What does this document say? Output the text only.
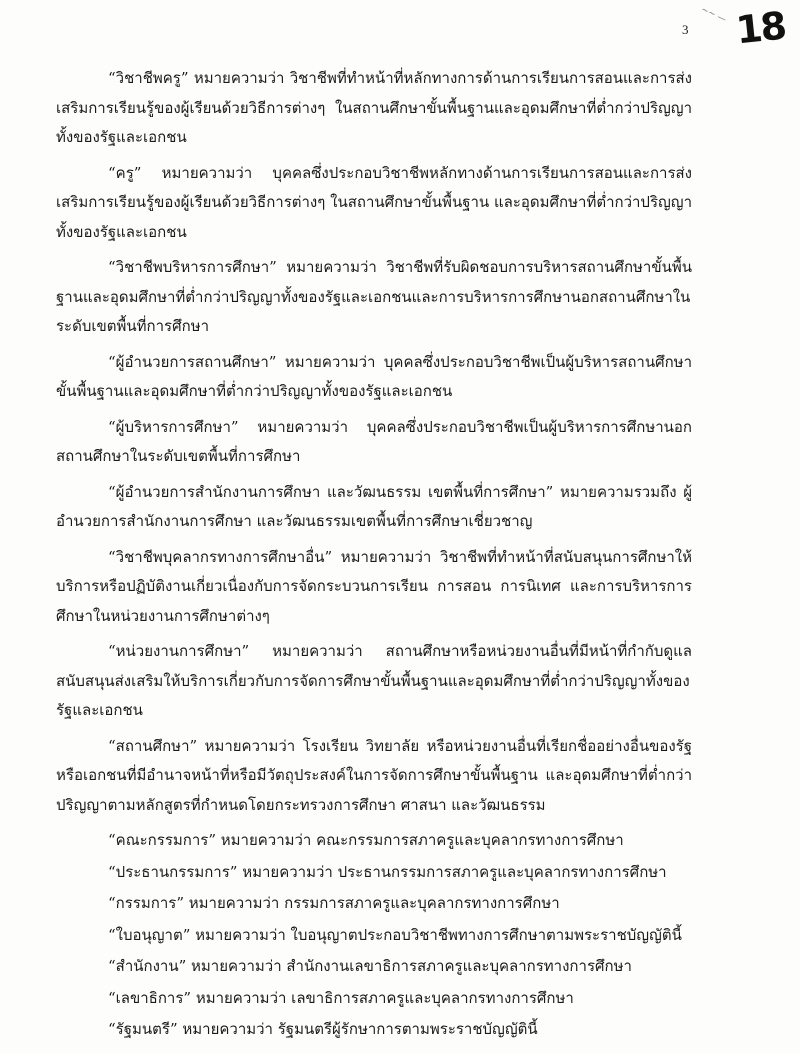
3
~~ — 18

“วิชาชีพครู” หมายความว่า วิชาชีพที่ทำหน้าที่หลักทางการด้านการเรียนการสอนและการส่งเสริมการเรียนรู้ของผู้เรียนด้วยวิธีการต่างๆ ในสถานศึกษาขั้นพื้นฐานและอุดมศึกษาที่ต่ำกว่าปริญญาทั้งของรัฐและเอกชน

“ครู” หมายความว่า บุคคลซึ่งประกอบวิชาชีพหลักทางด้านการเรียนการสอนและการส่งเสริมการเรียนรู้ของผู้เรียนด้วยวิธีการต่างๆ ในสถานศึกษาขั้นพื้นฐาน และอุดมศึกษาที่ต่ำกว่าปริญญาทั้งของรัฐและเอกชน

“วิชาชีพบริหารการศึกษา” หมายความว่า วิชาชีพที่รับผิดชอบการบริหารสถานศึกษาขั้นพื้นฐานและอุดมศึกษาที่ต่ำกว่าปริญญาทั้งของรัฐและเอกชนและการบริหารการศึกษานอกสถานศึกษาในระดับเขตพื้นที่การศึกษา

“ผู้อำนวยการสถานศึกษา” หมายความว่า บุคคลซึ่งประกอบวิชาชีพเป็นผู้บริหารสถานศึกษาขั้นพื้นฐานและอุดมศึกษาที่ต่ำกว่าปริญญาทั้งของรัฐและเอกชน

“ผู้บริหารการศึกษา” หมายความว่า บุคคลซึ่งประกอบวิชาชีพเป็นผู้บริหารการศึกษานอกสถานศึกษาในระดับเขตพื้นที่การศึกษา

“ผู้อำนวยการสำนักงานการศึกษา และวัฒนธรรม เขตพื้นที่การศึกษา” หมายความรวมถึง ผู้อำนวยการสำนักงานการศึกษา และวัฒนธรรมเขตพื้นที่การศึกษาเชี่ยวชาญ

“วิชาชีพบุคลากรทางการศึกษาอื่น” หมายความว่า วิชาชีพที่ทำหน้าที่สนับสนุนการศึกษาให้บริการหรือปฏิบัติงานเกี่ยวเนื่องกับการจัดกระบวนการเรียน การสอน การนิเทศ และการบริหารการศึกษาในหน่วยงานการศึกษาต่างๆ

“หน่วยงานการศึกษา” หมายความว่า สถานศึกษาหรือหน่วยงานอื่นที่มีหน้าที่กำกับดูแล สนับสนุนส่งเสริมให้บริการเกี่ยวกับการจัดการศึกษาขั้นพื้นฐานและอุดมศึกษาที่ต่ำกว่าปริญญาทั้งของรัฐและเอกชน

“สถานศึกษา” หมายความว่า โรงเรียน วิทยาลัย หรือหน่วยงานอื่นที่เรียกชื่ออย่างอื่นของรัฐหรือเอกชนที่มีอำนาจหน้าที่หรือมีวัตถุประสงค์ในการจัดการศึกษาขั้นพื้นฐาน และอุดมศึกษาที่ต่ำกว่าปริญญาตามหลักสูตรที่กำหนดโดยกระทรวงการศึกษา ศาสนา และวัฒนธรรม

“คณะกรรมการ” หมายความว่า คณะกรรมการสภาครูและบุคลากรทางการศึกษา

“ประธานกรรมการ” หมายความว่า ประธานกรรมการสภาครูและบุคลากรทางการศึกษา

“กรรมการ” หมายความว่า กรรมการสภาครูและบุคลากรทางการศึกษา

“ใบอนุญาต” หมายความว่า ใบอนุญาตประกอบวิชาชีพทางการศึกษาตามพระราชบัญญัตินี้

“สำนักงาน” หมายความว่า สำนักงานเลขาธิการสภาครูและบุคลากรทางการศึกษา

“เลขาธิการ” หมายความว่า เลขาธิการสภาครูและบุคลากรทางการศึกษา

“รัฐมนตรี” หมายความว่า รัฐมนตรีผู้รักษาการตามพระราชบัญญัตินี้
